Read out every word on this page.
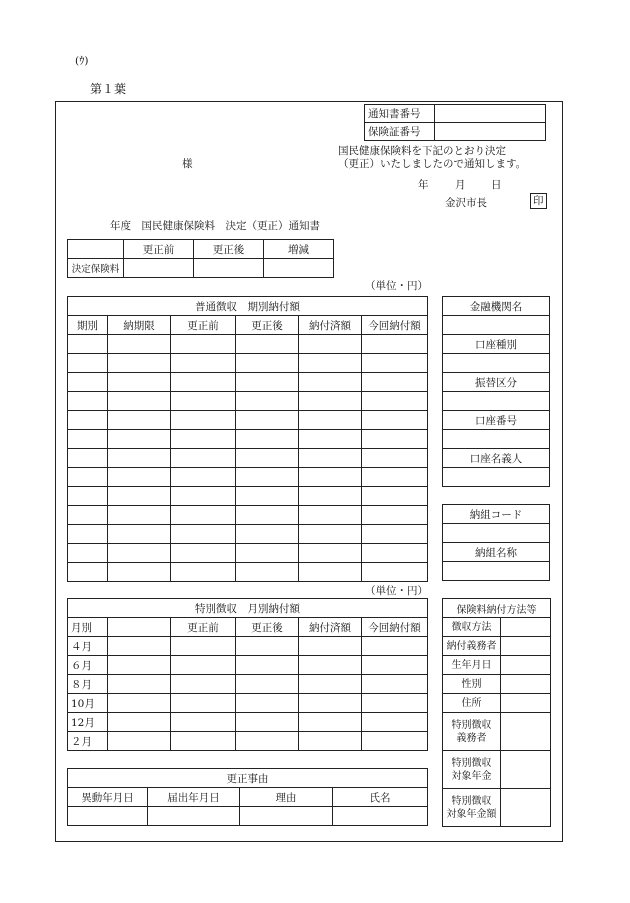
(ｳ)
第１葉
通知書番号	
保険証番号	
様
国民健康保険料を下記のとおり決定
（更正）いたしましたので通知します。
年	月 日
金沢市長	印
年度　国民健康保険料　決定（更正）通知書
	更正前	更正後	増減
決定保険料			
（単位・円）
普通徴収　期別納付額					
期別	納期限	更正前	更正後	納付済額	今回納付額

金融機関名

口座種別

振替区分

口座番号

口座名義人

納組コード

納組名称

（単位・円）
特別徴収　月別納付額					
月別		更正前	更正後	納付済額	今回納付額
４月					
６月					
８月					
10月					
12月					
２月					
保険料納付方法等	
徴収方法	
納付義務者	
生年月日	
性別	
住所	
特別徴収
義務者	
特別徴収
対象年金	
特別徴収
対象年金額	
更正事由			
異動年月日	届出年月日	理由	氏名
